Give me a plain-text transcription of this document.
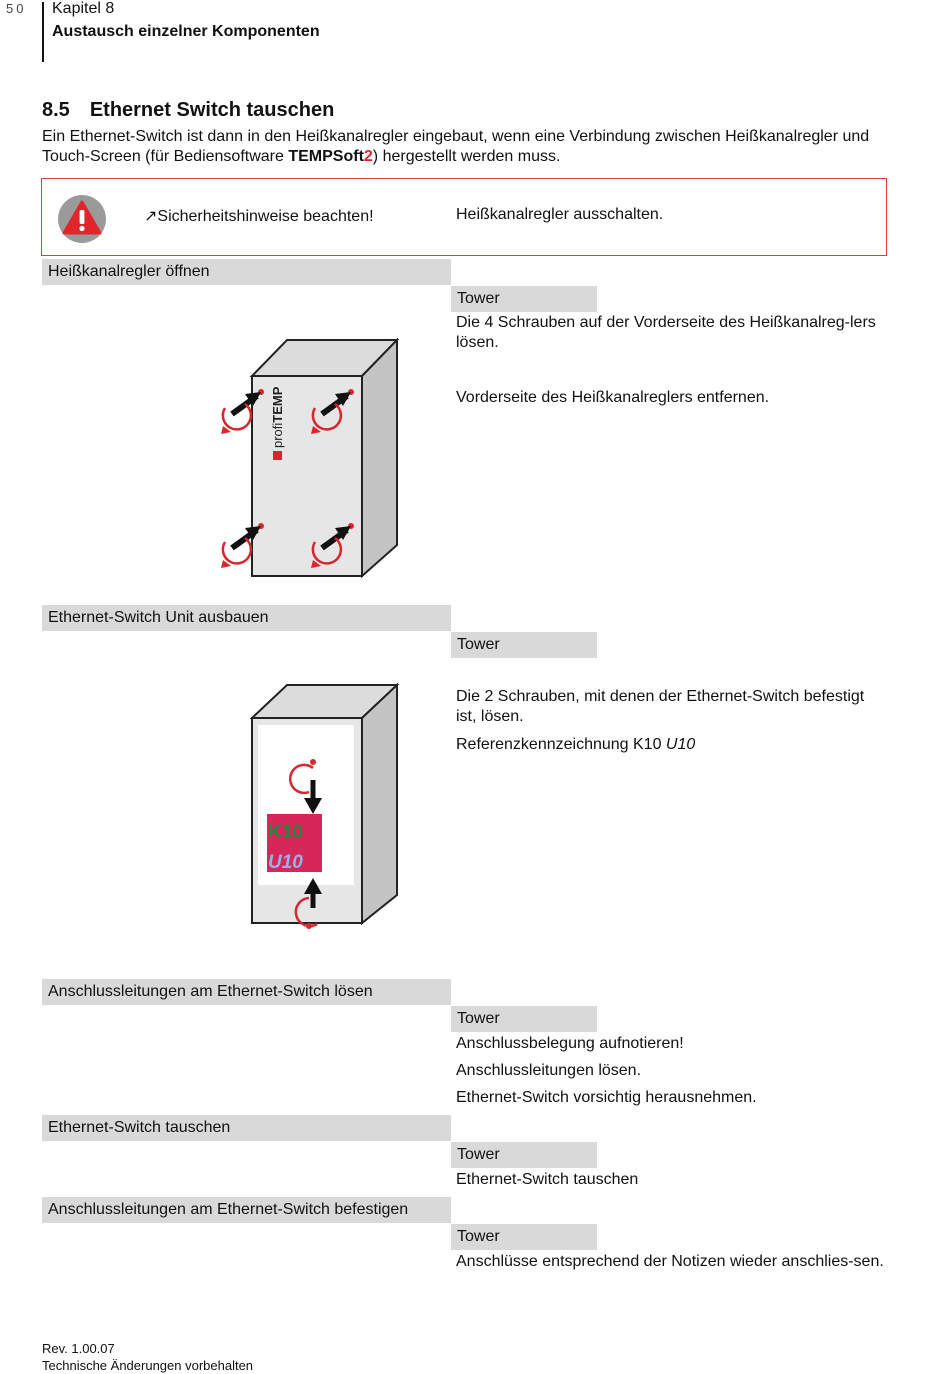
50 Kapitel 8
Austausch einzelner Komponenten
8.5 Ethernet Switch tauschen
Ein Ethernet-Switch ist dann in den Heißkanalregler eingebaut, wenn eine Verbindung zwischen Heißkanalregler und Touch-Screen (für Bediensoftware TEMPSoft2) hergestellt werden muss.
↗Sicherheitshinweise beachten!	Heißkanalregler ausschalten.
Heißkanalregler öffnen
Tower
Die 4 Schrauben auf der Vorderseite des Heißkanalreg-lers lösen.
Vorderseite des Heißkanalreglers entfernen.
profiTEMP
Ethernet-Switch Unit ausbauen
Tower
Die 2 Schrauben, mit denen der Ethernet-Switch befestigt ist, lösen.
Referenzkennzeichnung K10 U10
K10
U10
Anschlussleitungen am Ethernet-Switch lösen
Tower
Anschlussbelegung aufnotieren!
Anschlussleitungen lösen.
Ethernet-Switch vorsichtig herausnehmen.
Ethernet-Switch tauschen
Tower
Ethernet-Switch tauschen
Anschlussleitungen am Ethernet-Switch befestigen
Tower
Anschlüsse entsprechend der Notizen wieder anschlies-sen.
Rev. 1.00.07
Technische Änderungen vorbehalten
